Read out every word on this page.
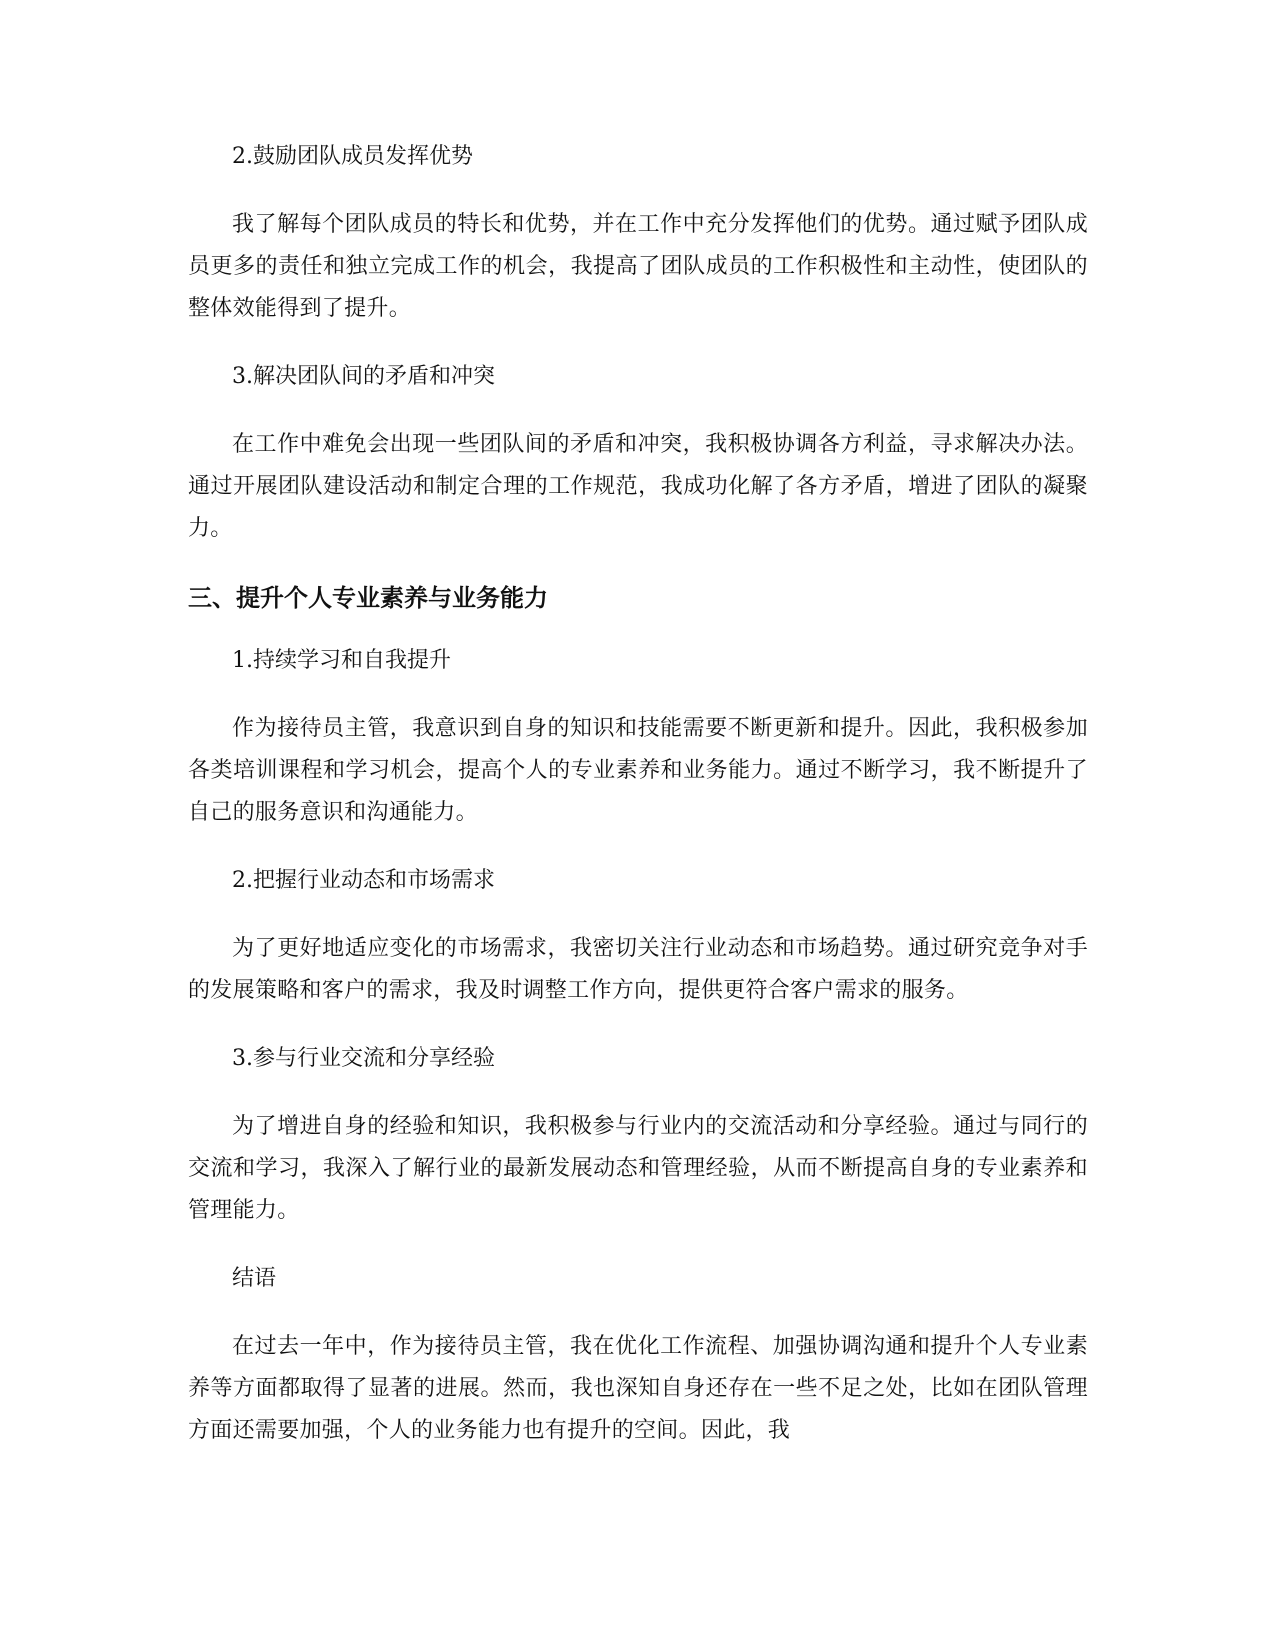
2.鼓励团队成员发挥优势

我了解每个团队成员的特长和优势，并在工作中充分发挥他们的优势。通过赋予团队成员更多的责任和独立完成工作的机会，我提高了团队成员的工作积极性和主动性，使团队的整体效能得到了提升。

3.解决团队间的矛盾和冲突

在工作中难免会出现一些团队间的矛盾和冲突，我积极协调各方利益，寻求解决办法。通过开展团队建设活动和制定合理的工作规范，我成功化解了各方矛盾，增进了团队的凝聚力。

三、提升个人专业素养与业务能力

1.持续学习和自我提升

作为接待员主管，我意识到自身的知识和技能需要不断更新和提升。因此，我积极参加各类培训课程和学习机会，提高个人的专业素养和业务能力。通过不断学习，我不断提升了自己的服务意识和沟通能力。

2.把握行业动态和市场需求

为了更好地适应变化的市场需求，我密切关注行业动态和市场趋势。通过研究竞争对手的发展策略和客户的需求，我及时调整工作方向，提供更符合客户需求的服务。

3.参与行业交流和分享经验

为了增进自身的经验和知识，我积极参与行业内的交流活动和分享经验。通过与同行的交流和学习，我深入了解行业的最新发展动态和管理经验，从而不断提高自身的专业素养和管理能力。

结语

在过去一年中，作为接待员主管，我在优化工作流程、加强协调沟通和提升个人专业素养等方面都取得了显著的进展。然而，我也深知自身还存在一些不足之处，比如在团队管理方面还需要加强，个人的业务能力也有提升的空间。因此，我
